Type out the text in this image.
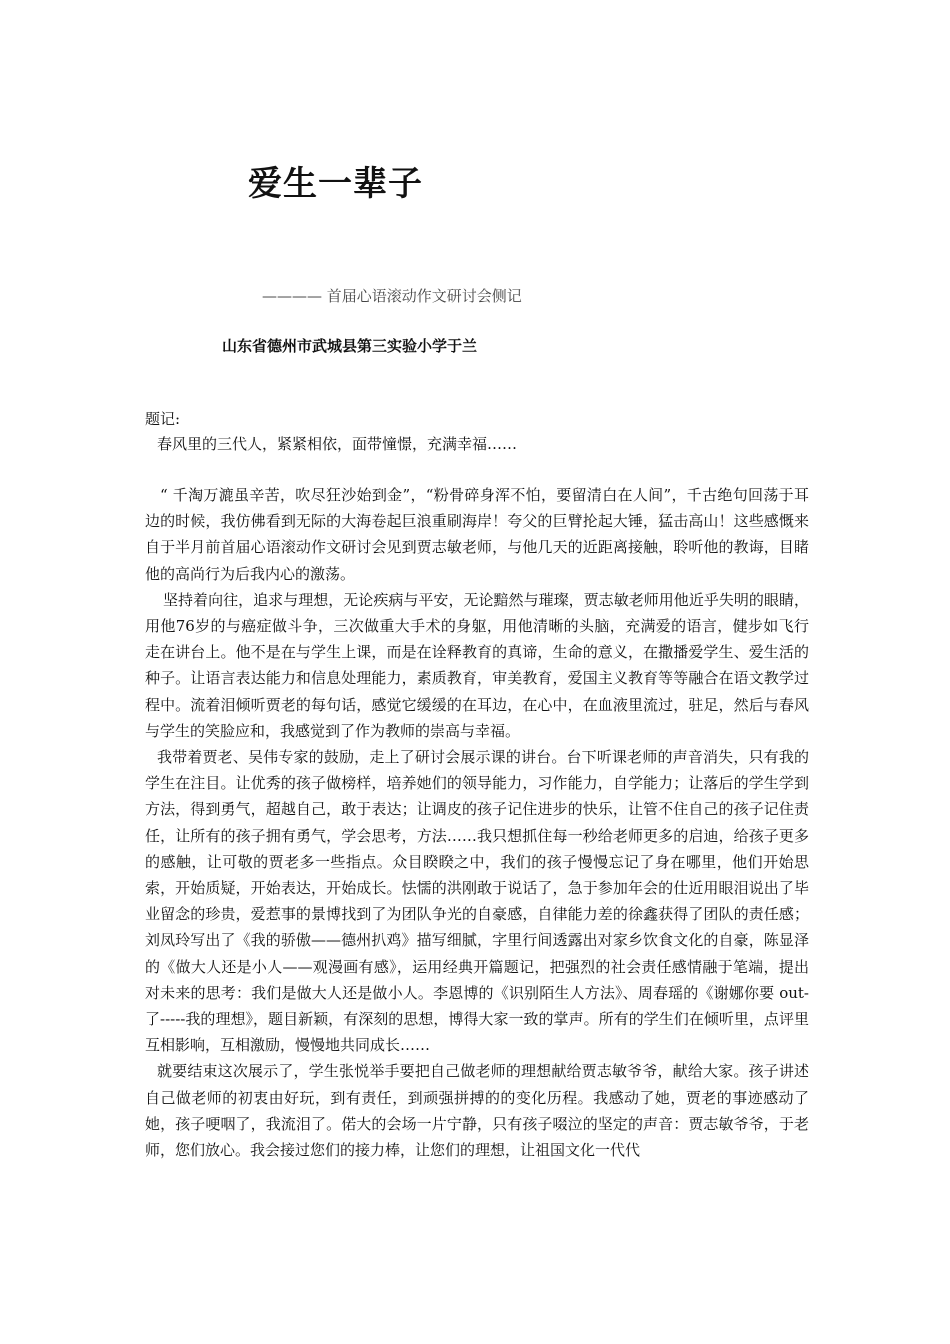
爱生一辈子
———— 首届心语滚动作文研讨会侧记
山东省德州市武城县第三实验小学于兰
题记:
春风里的三代人，紧紧相依，面带憧憬，充满幸福……

“ 千淘万漉虽辛苦，吹尽狂沙始到金”，“粉骨碎身浑不怕，要留清白在人间”，千古绝句回荡于耳边的时候，我仿佛看到无际的大海卷起巨浪重刷海岸！夸父的巨臂抡起大锤，猛击高山！这些感慨来自于半月前首届心语滚动作文研讨会见到贾志敏老师，与他几天的近距离接触，聆听他的教诲，目睹他的高尚行为后我内心的激荡。

坚持着向往，追求与理想，无论疾病与平安，无论黯然与璀璨，贾志敏老师用他近乎失明的眼睛，用他76岁的与癌症做斗争，三次做重大手术的身躯，用他清晰的头脑，充满爱的语言，健步如飞行走在讲台上。他不是在与学生上课，而是在诠释教育的真谛，生命的意义，在撒播爱学生、爱生活的种子。让语言表达能力和信息处理能力，素质教育，审美教育，爱国主义教育等等融合在语文教学过程中。流着泪倾听贾老的每句话，感觉它缓缓的在耳边，在心中，在血液里流过，驻足，然后与春风与学生的笑脸应和，我感觉到了作为教师的崇高与幸福。

我带着贾老、吴伟专家的鼓励，走上了研讨会展示课的讲台。台下听课老师的声音消失，只有我的学生在注目。让优秀的孩子做榜样，培养她们的领导能力，习作能力，自学能力；让落后的学生学到方法，得到勇气，超越自己，敢于表达；让调皮的孩子记住进步的快乐，让管不住自己的孩子记住责任，让所有的孩子拥有勇气，学会思考，方法……我只想抓住每一秒给老师更多的启迪，给孩子更多的感触，让可敬的贾老多一些指点。众目睽睽之中，我们的孩子慢慢忘记了身在哪里，他们开始思索，开始质疑，开始表达，开始成长。怯懦的洪刚敢于说话了，急于参加年会的仕近用眼泪说出了毕业留念的珍贵，爱惹事的景博找到了为团队争光的自豪感，自律能力差的徐鑫获得了团队的责任感；刘凤玲写出了《我的骄傲——德州扒鸡》描写细腻，字里行间透露出对家乡饮食文化的自豪，陈显泽的《做大人还是小人——观漫画有感》，运用经典开篇题记，把强烈的社会责任感情融于笔端，提出对未来的思考：我们是做大人还是做小人。李恩博的《识别陌生人方法》、周春瑶的《谢娜你要 out-了-----我的理想》，题目新颖，有深刻的思想，博得大家一致的掌声。所有的学生们在倾听里，点评里互相影响，互相激励，慢慢地共同成长……

就要结束这次展示了，学生张悦举手要把自己做老师的理想献给贾志敏爷爷，献给大家。孩子讲述自己做老师的初衷由好玩，到有责任，到顽强拼搏的的变化历程。我感动了她，贾老的事迹感动了她，孩子哽咽了，我流泪了。偌大的会场一片宁静，只有孩子啜泣的坚定的声音：贾志敏爷爷，于老师，您们放心。我会接过您们的接力棒，让您们的理想，让祖国文化一代代
